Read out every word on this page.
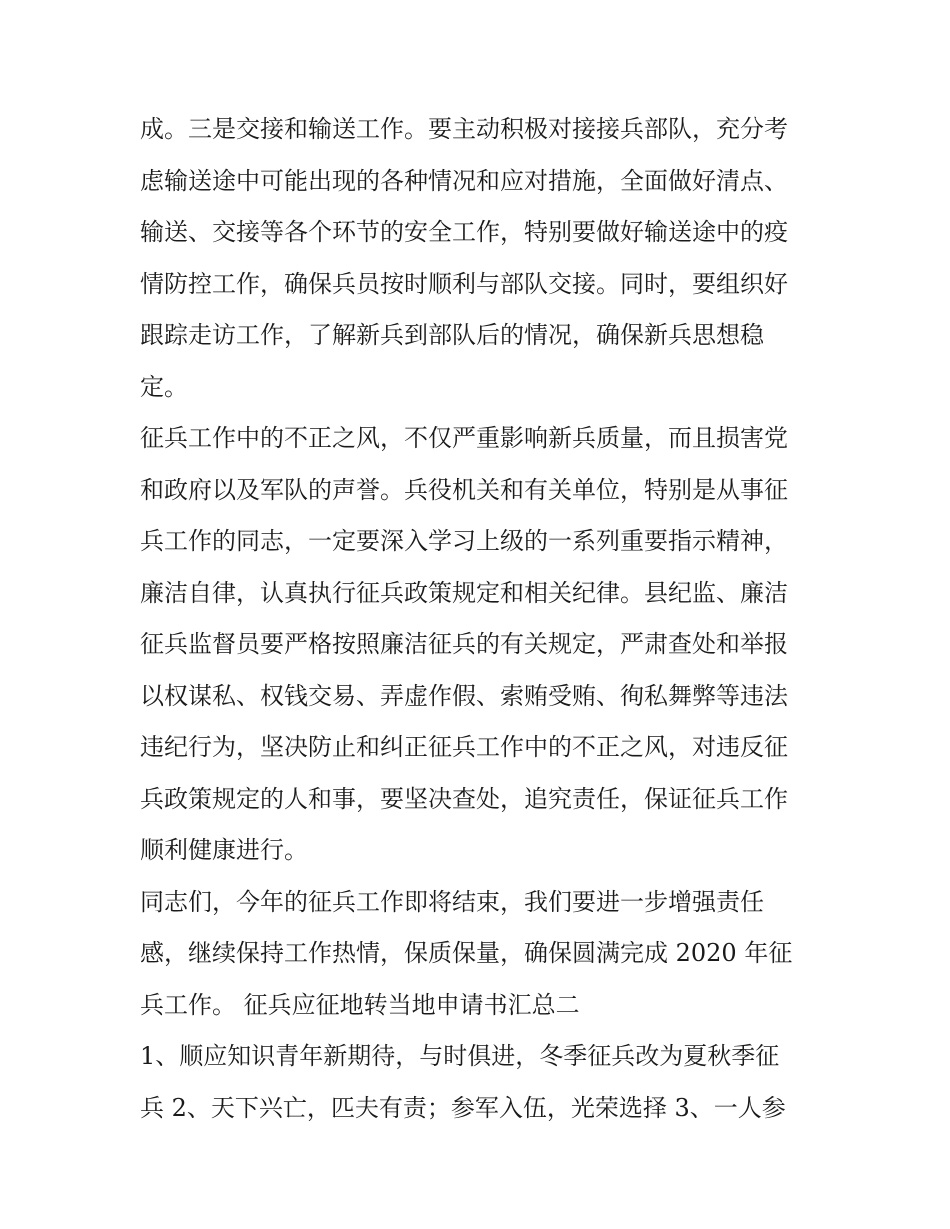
成。三是交接和输送工作。要主动积极对接接兵部队，充分考
虑输送途中可能出现的各种情况和应对措施，全面做好清点、
输送、交接等各个环节的安全工作，特别要做好输送途中的疫
情防控工作，确保兵员按时顺利与部队交接。同时，要组织好
跟踪走访工作，了解新兵到部队后的情况，确保新兵思想稳
定。
征兵工作中的不正之风，不仅严重影响新兵质量，而且损害党
和政府以及军队的声誉。兵役机关和有关单位，特别是从事征
兵工作的同志，一定要深入学习上级的一系列重要指示精神，
廉洁自律，认真执行征兵政策规定和相关纪律。县纪监、廉洁
征兵监督员要严格按照廉洁征兵的有关规定，严肃查处和举报
以权谋私、权钱交易、弄虚作假、索贿受贿、徇私舞弊等违法
违纪行为，坚决防止和纠正征兵工作中的不正之风，对违反征
兵政策规定的人和事，要坚决查处，追究责任，保证征兵工作
顺利健康进行。
同志们，今年的征兵工作即将结束，我们要进一步增强责任
感，继续保持工作热情，保质保量，确保圆满完成 2020 年征
兵工作。 征兵应征地转当地申请书汇总二
1、顺应知识青年新期待，与时俱进，冬季征兵改为夏秋季征
兵 2、天下兴亡，匹夫有责；参军入伍，光荣选择 3、一人参
